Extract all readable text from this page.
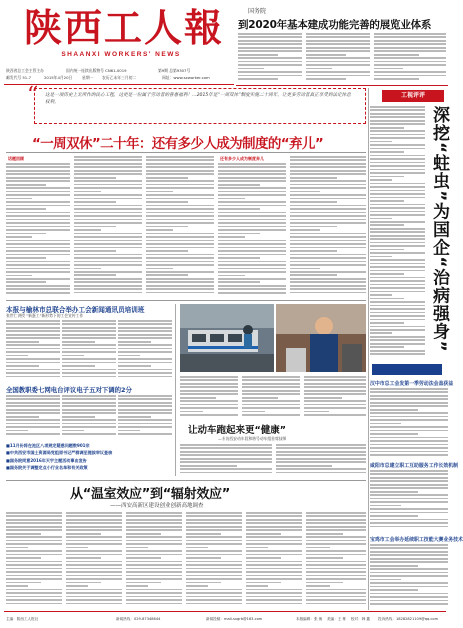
陕西工人報
SHAANXI WORKERS' NEWS
陕西省总工会主管主办	国内统一连续出版物号 CN61-0019	第9期 总第9307号
邮发代号 51-7	2015年4月20日	星期一 农历乙未年三月初二	网址：www.sxworker.com
国务院
到2020年基本建成功能完善的展览业体系
“ 这是一项历史上无所作的民心工程，这更是一份属于劳动者的普惠福利！…2015年是“一周双休”制度实施二十周年，让更多劳动者真正享受到法定休息权利。
工视评评
深挖“蛀虫”为国企“治病强身”
“一周双休”二十年：还有多少人成为制度的“弃儿”
话题回顾	还有多少人成为制度弃儿
本报与榆林市总联合举办工会新闻通讯员培训班
张世仁讲授 “新蛋工”新形势下的工会宣传工作
全国教职委七网电台评议电子五对下调的2分
■11月份将在池区八项规定疑惑问题数901宗
■中共西安市国土资源局党组原书记严群调至提拔审议查核
■国务院同意2016年天宇主题活动事由宣告
■国务院关于调整定点小行业名单和有关政策
让动车跑起来更“健康”
—专访西安动车段和谐号动车组首席技师
汉中市总工会发第一季劳动法会盖获益
咸阳市总建立职工互助服务工作长效机制
宝鸡市工会举办延续职工技能大赛业务技术
从“温室效应”到“辐射效应”
——西安高新区建设创业创新高地调查
主编：陕西工人报社	新闻热线：029-87348644	新闻投稿：mail-sxgrb@163.com	本版编辑：张 朗 　美编：王 栋 　校对：韩 鑫 投诉热线：18282821109@qq.com
